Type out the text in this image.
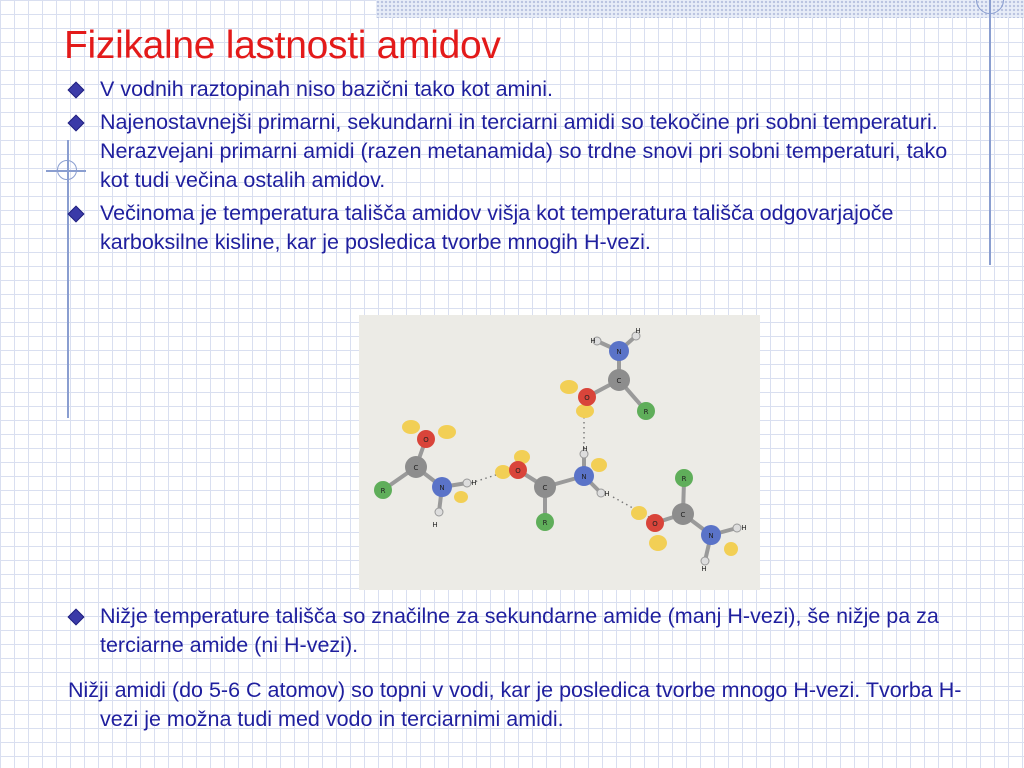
Fizikalne lastnosti amidov
V vodnih raztopinah niso bazični tako kot amini.
Najenostavnejši primarni, sekundarni in terciarni amidi so tekočine pri sobni temperaturi. Nerazvejani primarni amidi (razen metanamida) so trdne snovi pri sobni temperaturi, tako kot tudi večina ostalih amidov.
Večinoma je temperatura tališča amidov višja kot temperatura tališča odgovarjajoče karboksilne kisline, kar je posledica tvorbe mnogih H-vezi.
O
C
R	N
H
H
O
C
R
N
H
H
O
C
R
N
H
H
O
C
R
N
H
H
Nižje temperature tališča so značilne za sekundarne amide (manj H-vezi), še nižje pa za terciarne amide (ni H-vezi).

Nižji amidi (do 5-6 C atomov) so topni v vodi, kar je posledica tvorbe mnogo H-vezi. Tvorba H-vezi je možna tudi med vodo in terciarnimi amidi.
